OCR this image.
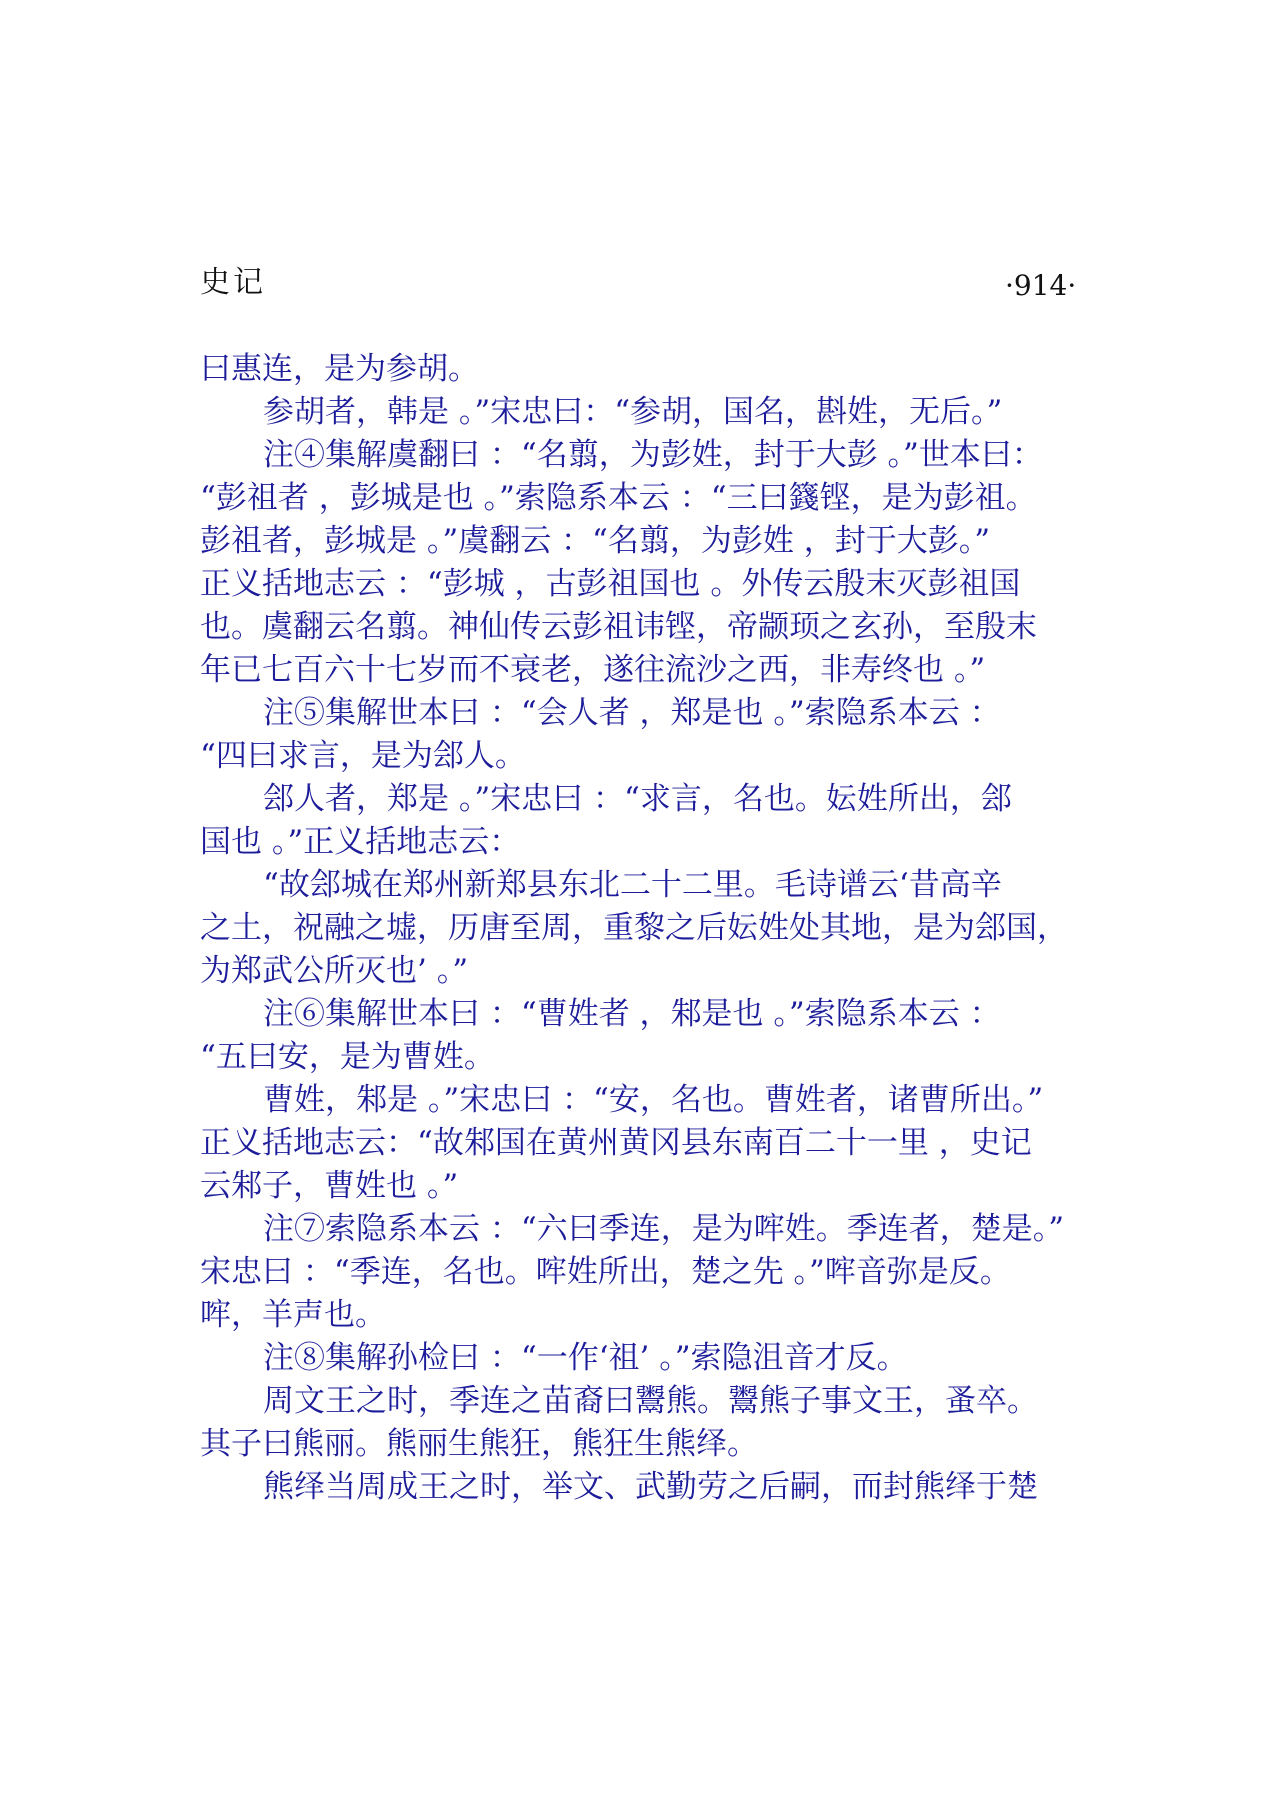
史记	·914·
曰惠连，是为参胡。
参胡者，韩是 。”宋忠曰：“参胡，国名，斟姓，无后。”
注④集解虞翻曰 ：“名翦，为彭姓，封于大彭 。”世本曰：
“彭祖者 ，彭城是也 。”索隐系本云 ：“三曰籛铿，是为彭祖。
彭祖者，彭城是 。”虞翻云 ：“名翦，为彭姓 ，封于大彭。”
正义括地志云 ：“彭城 ，古彭祖国也 。外传云殷末灭彭祖国
也。虞翻云名翦。神仙传云彭祖讳铿，帝颛顼之玄孙，至殷末
年已七百六十七岁而不衰老，遂往流沙之西，非寿终也 。”
注⑤集解世本曰 ：“会人者 ，郑是也 。”索隐系本云 ：
“四曰求言，是为郐人。
郐人者，郑是 。”宋忠曰 ：“求言，名也。妘姓所出，郐
国也 。”正义括地志云：
“故郐城在郑州新郑县东北二十二里。毛诗谱云‘昔高辛
之土，祝融之墟，历唐至周，重黎之后妘姓处其地，是为郐国，
为郑武公所灭也’ 。”
注⑥集解世本曰 ：“曹姓者 ，邾是也 。”索隐系本云 ：
“五曰安，是为曹姓。
曹姓，邾是 。”宋忠曰 ：“安，名也。曹姓者，诸曹所出。”
正义括地志云：“故邾国在黄州黄冈县东南百二十一里 ，史记
云邾子，曹姓也 。”
注⑦索隐系本云 ：“六曰季连，是为哰姓。季连者，楚是。”
宋忠曰 ：“季连，名也。哰姓所出，楚之先 。”哰音弥是反。
哰，羊声也。
注⑧集解孙检曰 ：“一作‘祖’ 。”索隐沮音才反。
周文王之时，季连之苗裔曰鬻熊。鬻熊子事文王，蚤卒。
其子曰熊丽。熊丽生熊狂，熊狂生熊绎。
熊绎当周成王之时，举文、武勤劳之后嗣，而封熊绎于楚
